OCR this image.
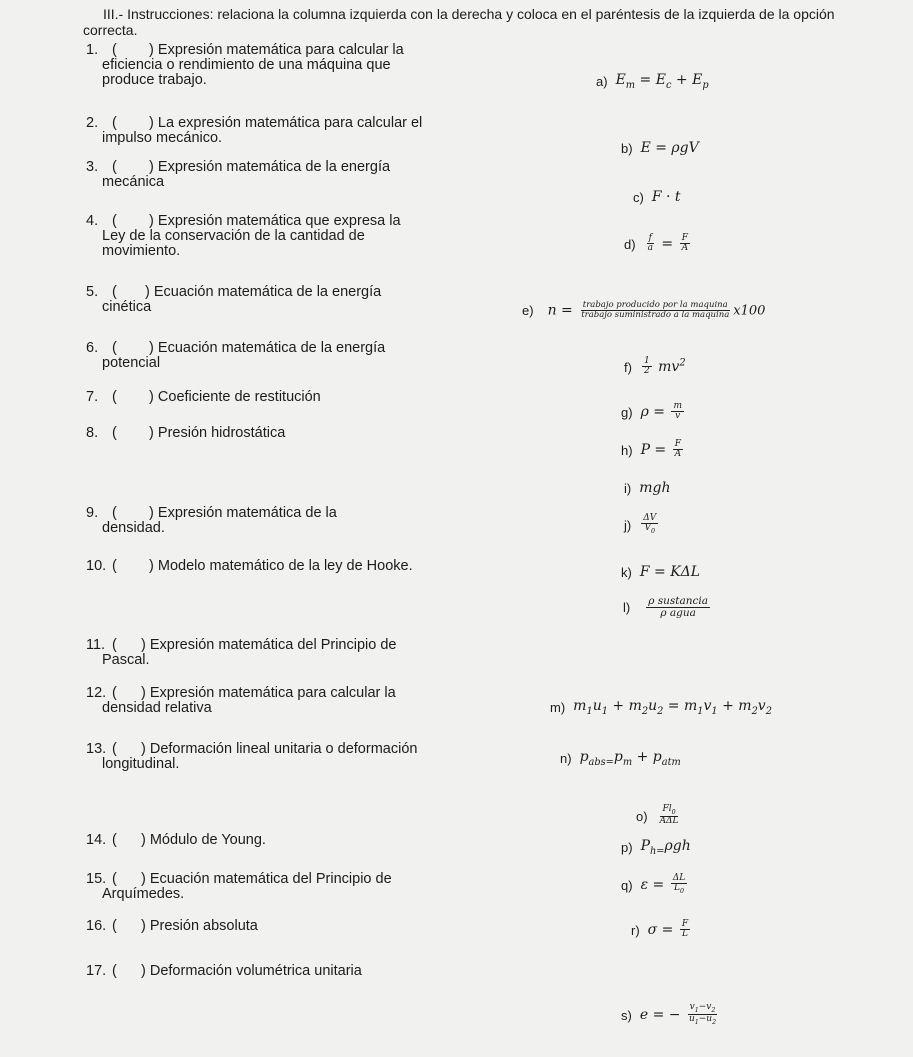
III.- Instrucciones: relaciona la columna izquierda con la derecha y coloca en el paréntesis de la izquierda de la opción
correcta.
1. (        ) Expresión matemática para calcular la
eficiencia o rendimiento de una máquina que
produce trabajo.
2. (        ) La expresión matemática para calcular el
impulso mecánico.
3. (        ) Expresión matemática de la energía
mecánica
4. (        ) Expresión matemática que expresa la
Ley de la conservación de la cantidad de
movimiento.
5. (       ) Ecuación matemática de la energía
cinética
6. (        ) Ecuación matemática de la energía
potencial
7. (        ) Coeficiente de restitución
8. (        ) Presión hidrostática
9. (        ) Expresión matemática de la
densidad.
10. (        ) Modelo matemático de la ley de Hooke.
11. (      ) Expresión matemática del Principio de
Pascal.
12. (      ) Expresión matemática para calcular la
densidad relativa
13. (      ) Deformación lineal unitaria o deformación
longitudinal.
14. (      ) Módulo de Young.
15. (      ) Ecuación matemática del Principio de
Arquímedes.
16. (      ) Presión absoluta
17. (      ) Deformación volumétrica unitaria
a) $E_m = E_c + E_p$
b) E = ρgV
c) F · t
$d) \frac{f}{a} = \frac{F}{A}$
e) $n = \frac{\text{trabajo producido por la maquina}}{\text{trabajo suministrado a la maquina}} x100$
$f) \frac{1}{2} mv^2$
g) $\rho = \frac{m}{v}$
h) $P = \frac{F}{A}$
i) mgh
$j) \frac{\Delta V}{V_0}$
k) F = KΔL
$l) \frac{\text{ρ sustancia}}{\text{ρ agua}}$
m) $m_1u_1 + m_2u_2 = m_1v_1 + m_2v_2$
n) $p_{abs=}p_m + p_{atm}$
$o) \frac{Fl_0}{\text{AΔL}}$
p) $P_{h=}\rho gh$
q) $\varepsilon = \frac{\Delta L}{L_0}$
r) $\sigma = \frac{F}{L}$
s) e = − $\frac{v_1-v_2}{u_1-u_2}$
